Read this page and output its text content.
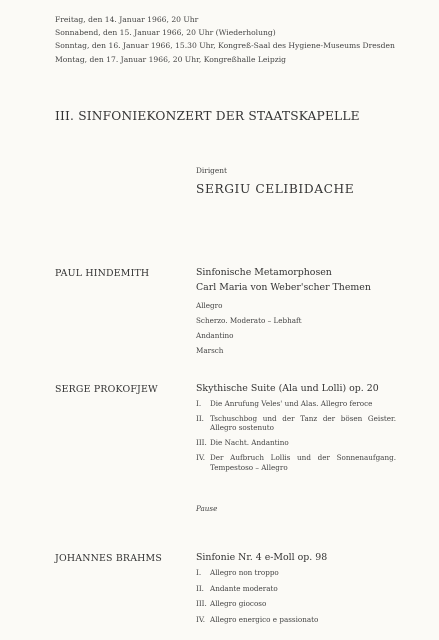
Freitag, den 14. Januar 1966, 20 Uhr
Sonnabend, den 15. Januar 1966, 20 Uhr (Wiederholung)
Sonntag, den 16. Januar 1966, 15.30 Uhr, Kongreß-Saal des Hygiene-Museums Dresden
Montag, den 17. Januar 1966, 20 Uhr, Kongreßhalle Leipzig
III. SINFONIEKONZERT DER STAATSKAPELLE
Dirigent
SERGIU CELIBIDACHE
PAUL HINDEMITH	Sinfonische Metamorphosen
Carl Maria von Weber'scher Themen
Allegro
Scherzo. Moderato – Lebhaft
Andantino
Marsch
SERGE PROKOFJEW	Skythische Suite (Ala und Lolli) op. 20
I.	Die Anrufung Veles' und Alas. Allegro feroce
II. Tschuschbog und der Tanz der bösen Geister. Allegro sostenuto
III. Die Nacht. Andantino
IV. Der Aufbruch Lollis und der Sonnenaufgang. Tempestoso – Allegro
Pause
JOHANNES BRAHMS	Sinfonie Nr. 4 e-Moll op. 98
I.	Allegro non troppo
II. Andante moderato
III. Allegro giocoso
IV. Allegro energico e passionato
